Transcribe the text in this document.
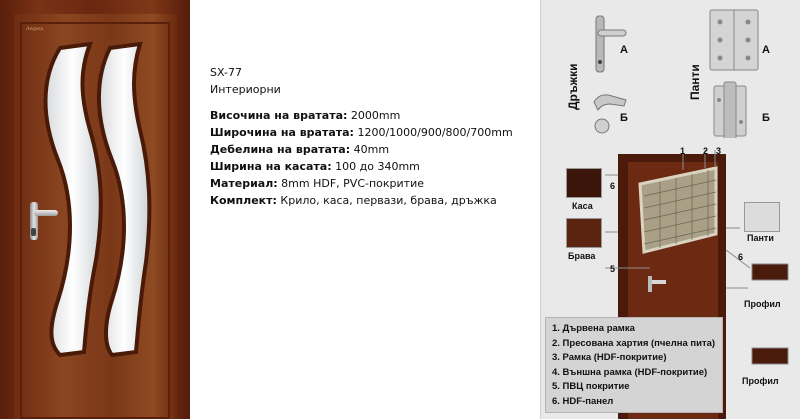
Angwa
SX-77
Интериорни
Височина на вратата: 2000mm
Широчина на вратата: 1200/1000/900/800/700mm
Дебелина на вратата: 40mm
Ширина на касата: 100 до 340mm
Материал: 8mm HDF, PVC-покритие
Комплект: Крило, каса, первази, брава, дръжка
Дръжки
А
Б
Панти
А
Б
Каса
Брава
Панти
Профил
Профил
1 2 3
6
5
6
1. Дървена рамка
2. Пресована хартия (пчелна пита)
3. Рамка (HDF-покритие)
4. Външна рамка (HDF-покритие)
5. ПВЦ покритие
6. HDF-панел
